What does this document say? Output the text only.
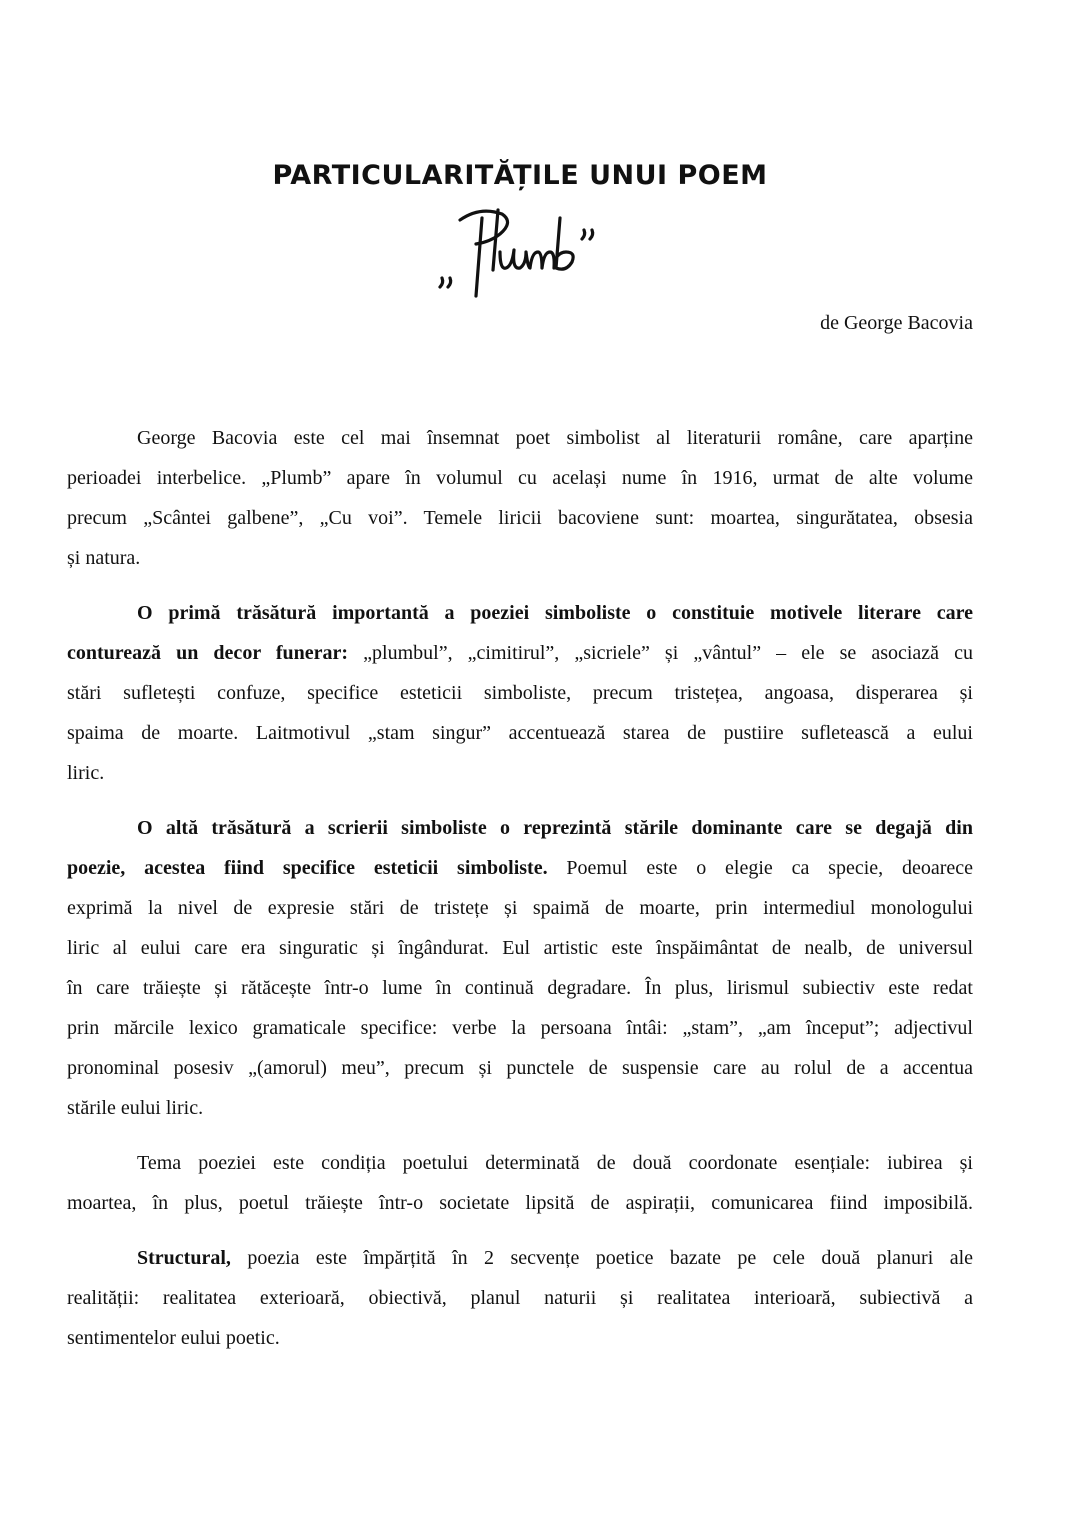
PARTICULARITĂȚILE UNUI POEM
de George Bacovia
George Bacovia este cel mai însemnat poet simbolist al literaturii române, care aparține
perioadei interbelice. „Plumb” apare în volumul cu același nume în 1916, urmat de alte volume
precum „Scântei galbene”, „Cu voi”. Temele liricii bacoviene sunt: moartea, singurătatea, obsesia
și natura.
O primă trăsătură importantă a poeziei simboliste o constituie motivele literare care
conturează un decor funerar: „plumbul”, „cimitirul”, „sicriele” și „vântul” – ele se asociază cu
stări sufletești confuze, specifice esteticii simboliste, precum tristețea, angoasa, disperarea și
spaima de moarte. Laitmotivul „stam singur” accentuează starea de pustiire sufletească a eului
liric.
O altă trăsătură a scrierii simboliste o reprezintă stările dominante care se degajă din
poezie, acestea fiind specifice esteticii simboliste. Poemul este o elegie ca specie, deoarece
exprimă la nivel de expresie stări de tristețe și spaimă de moarte, prin intermediul monologului
liric al eului care era singuratic și îngândurat. Eul artistic este înspăimântat de nealb, de universul
în care trăiește și rătăcește într-o lume în continuă degradare. În plus, lirismul subiectiv este redat
prin mărcile lexico gramaticale specifice: verbe la persoana întâi: „stam”, „am început”; adjectivul
pronominal posesiv „(amorul) meu”, precum și punctele de suspensie care au rolul de a accentua
stările eului liric.
Tema poeziei este condiția poetului determinată de două coordonate esențiale: iubirea și
moartea, în plus, poetul trăiește într-o societate lipsită de aspirații, comunicarea fiind imposibilă.
Structural, poezia este împărțită în 2 secvențe poetice bazate pe cele două planuri ale
realității: realitatea exterioară, obiectivă, planul naturii și realitatea interioară, subiectivă a
sentimentelor eului poetic.
